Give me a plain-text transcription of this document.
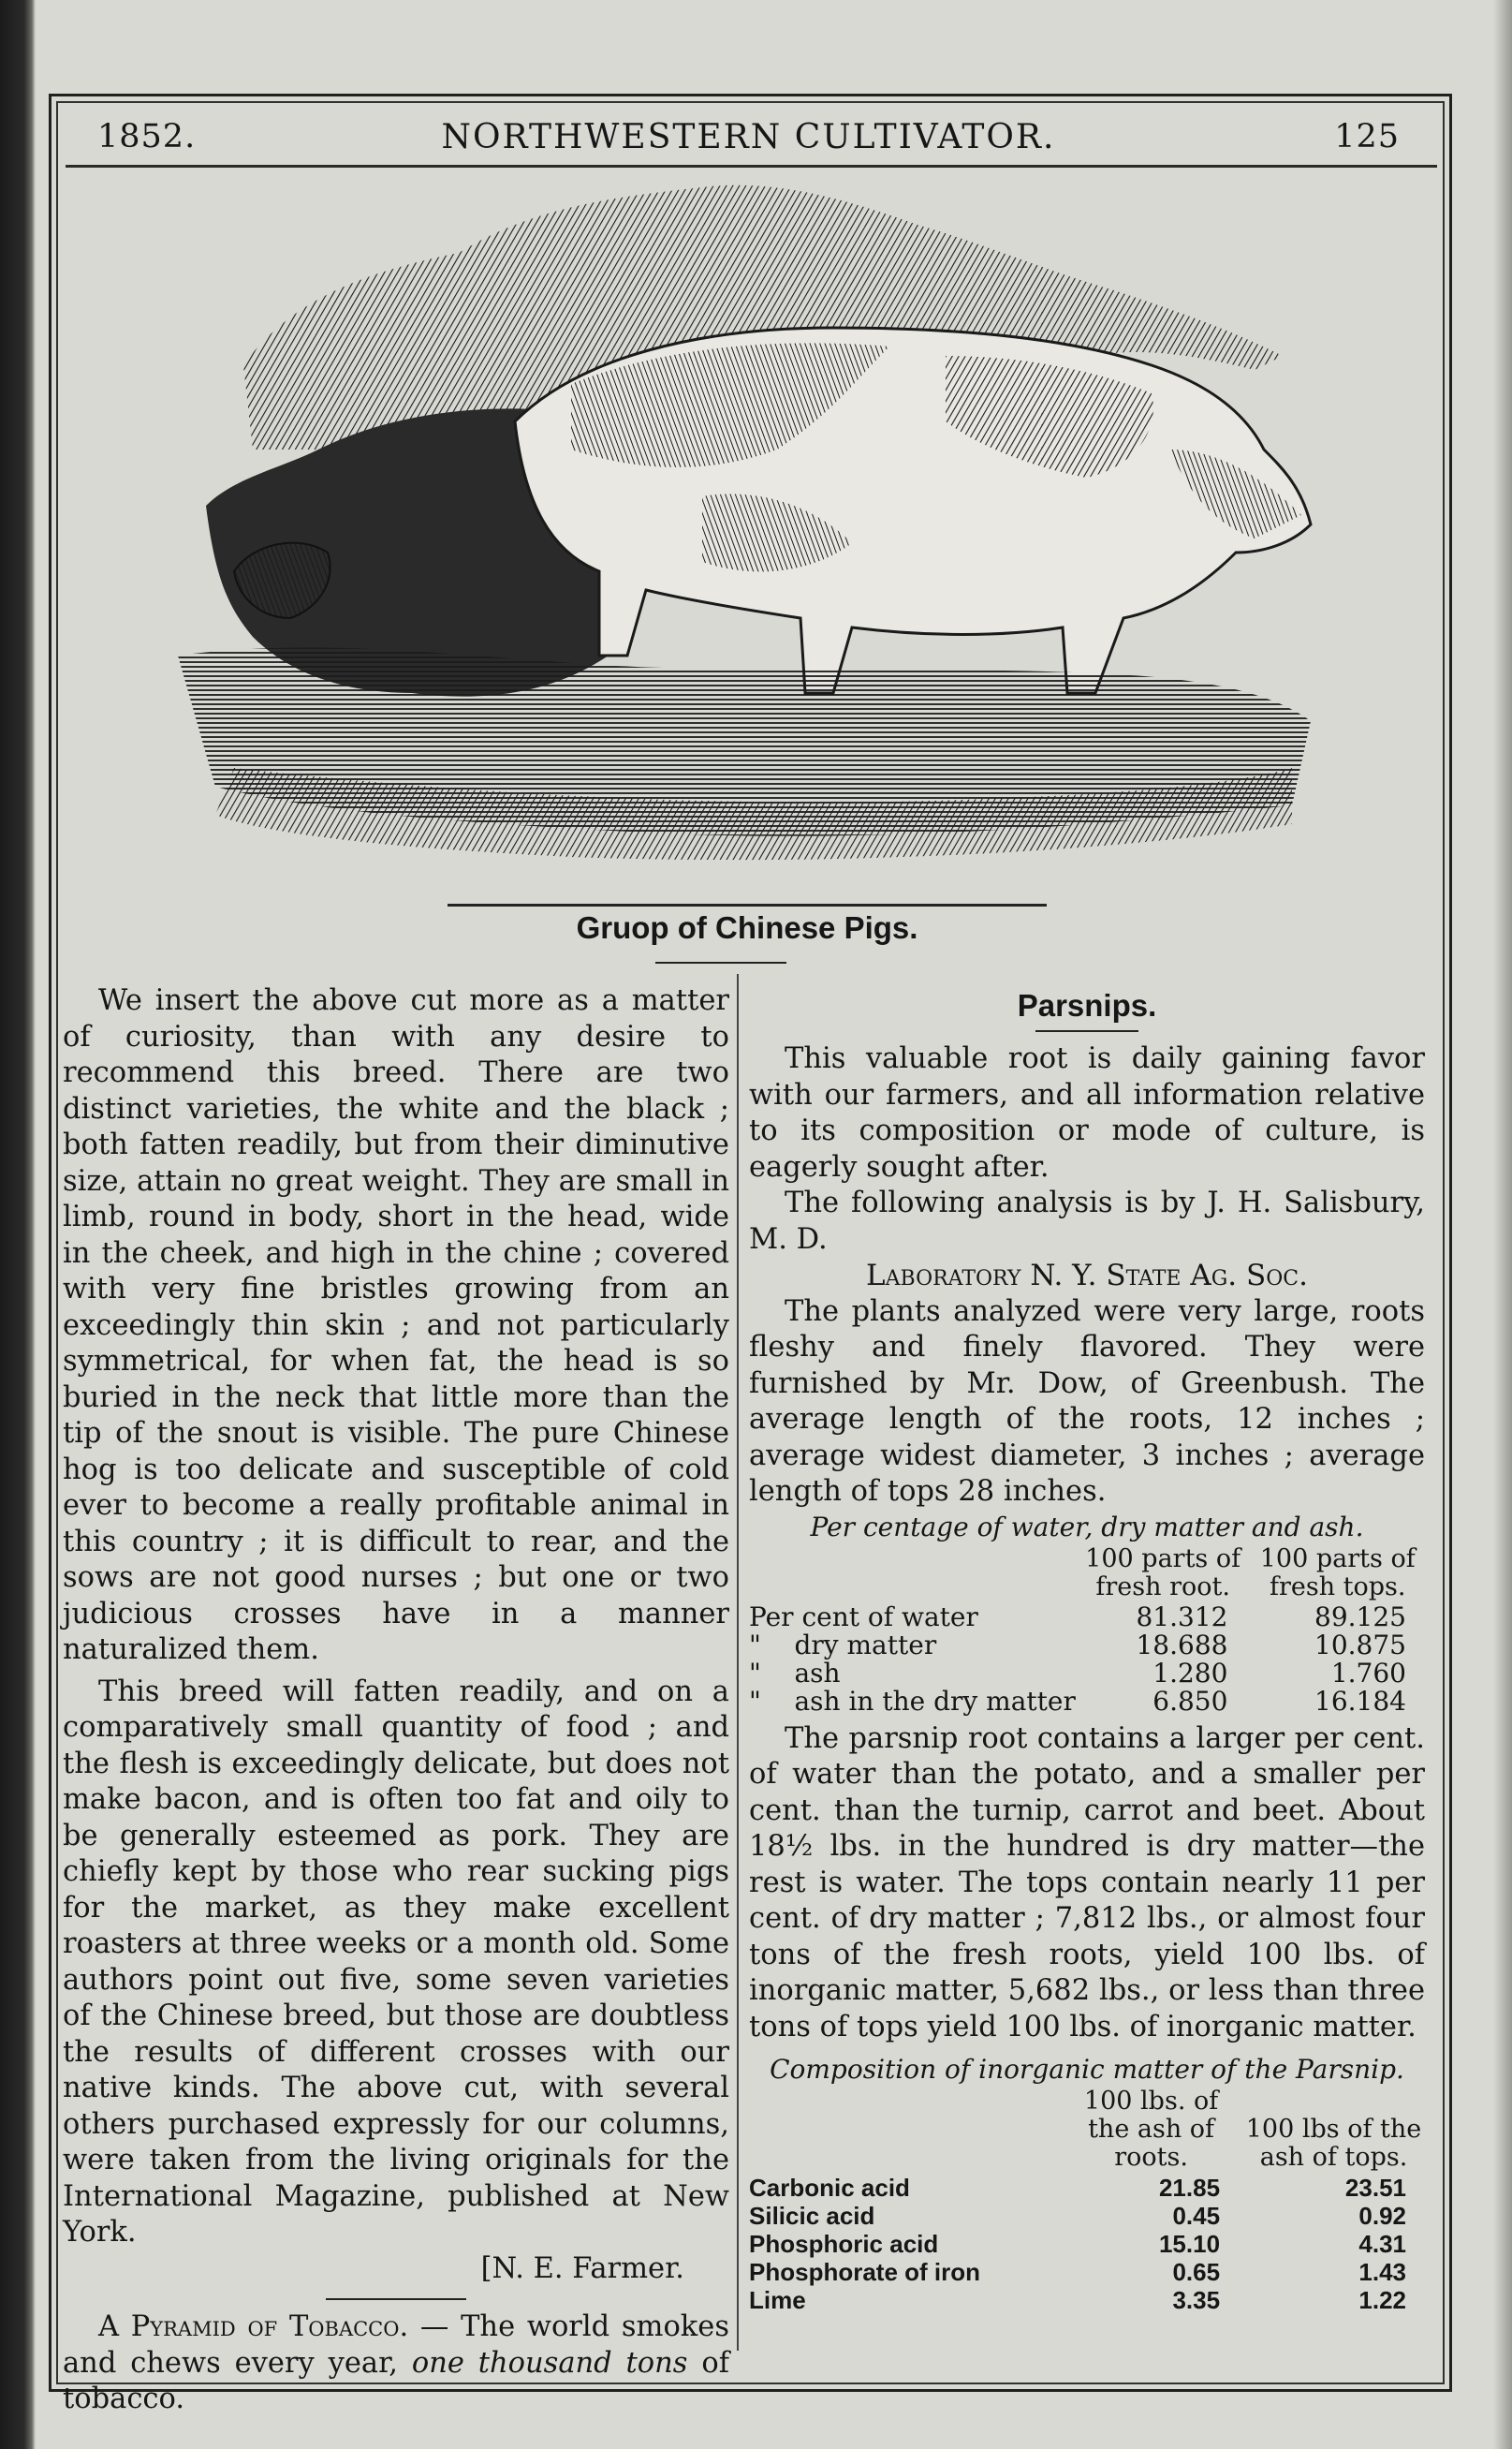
1852.	NORTHWESTERN CULTIVATOR.	125
Gruop of Chinese Pigs.

We insert the above cut more as a matter of curiosity, than with any desire to recommend this breed. There are two distinct varieties, the white and the black ; both fatten readily, but from their diminutive size, attain no great weight. They are small in limb, round in body, short in the head, wide in the cheek, and high in the chine ; covered with very fine bristles growing from an exceedingly thin skin ; and not particularly symmetrical, for when fat, the head is so buried in the neck that little more than the tip of the snout is visible. The pure Chinese hog is too delicate and susceptible of cold ever to become a really profitable animal in this country ; it is difficult to rear, and the sows are not good nurses ; but one or two judicious crosses have in a manner naturalized them.

This breed will fatten readily, and on a comparatively small quantity of food ; and the flesh is exceedingly delicate, but does not make bacon, and is often too fat and oily to be generally esteemed as pork. They are chiefly kept by those who rear sucking pigs for the market, as they make excellent roasters at three weeks or a month old. Some authors point out five, some seven varieties of the Chinese breed, but those are doubtless the results of different crosses with our native kinds. The above cut, with several others purchased expressly for our columns, were taken from the living originals for the International Magazine, published at New York.

[N. E. Farmer.

A Pyramid of Tobacco. — The world smokes and chews every year, one thousand tons of tobacco.

Parsnips.

This valuable root is daily gaining favor with our farmers, and all information relative to its composition or mode of culture, is eagerly sought after.

The following analysis is by J. H. Salisbury, M. D.

Laboratory N. Y. State Ag. Soc.

The plants analyzed were very large, roots fleshy and finely flavored. They were furnished by Mr. Dow, of Greenbush. The average length of the roots, 12 inches ; average widest diameter, 3 inches ; average length of tops 28 inches.

Per centage of water, dry matter and ash.

	100 parts of fresh root.	100 parts of fresh tops.
Per cent of water	81.312	89.125
"    dry matter	18.688	10.875
"    ash	1.280	1.760
"    ash in the dry matter	6.850	16.184

The parsnip root contains a larger per cent. of water than the potato, and a smaller per cent. than the turnip, carrot and beet. About 18½ lbs. in the hundred is dry matter—the rest is water. The tops contain nearly 11 per cent. of dry matter ; 7,812 lbs., or almost four tons of the fresh roots, yield 100 lbs. of inorganic matter, 5,682 lbs., or less than three tons of tops yield 100 lbs. of inorganic matter.

Composition of inorganic matter of the Parsnip.

	100 lbs. of the ash of roots.	100 lbs of the ash of tops.
Carbonic acid	21.85	23.51
Silicic acid	0.45	0.92
Phosphoric acid	15.10	4.31
Phosphorate of iron	0.65	1.43
Lime	3.35	1.22
